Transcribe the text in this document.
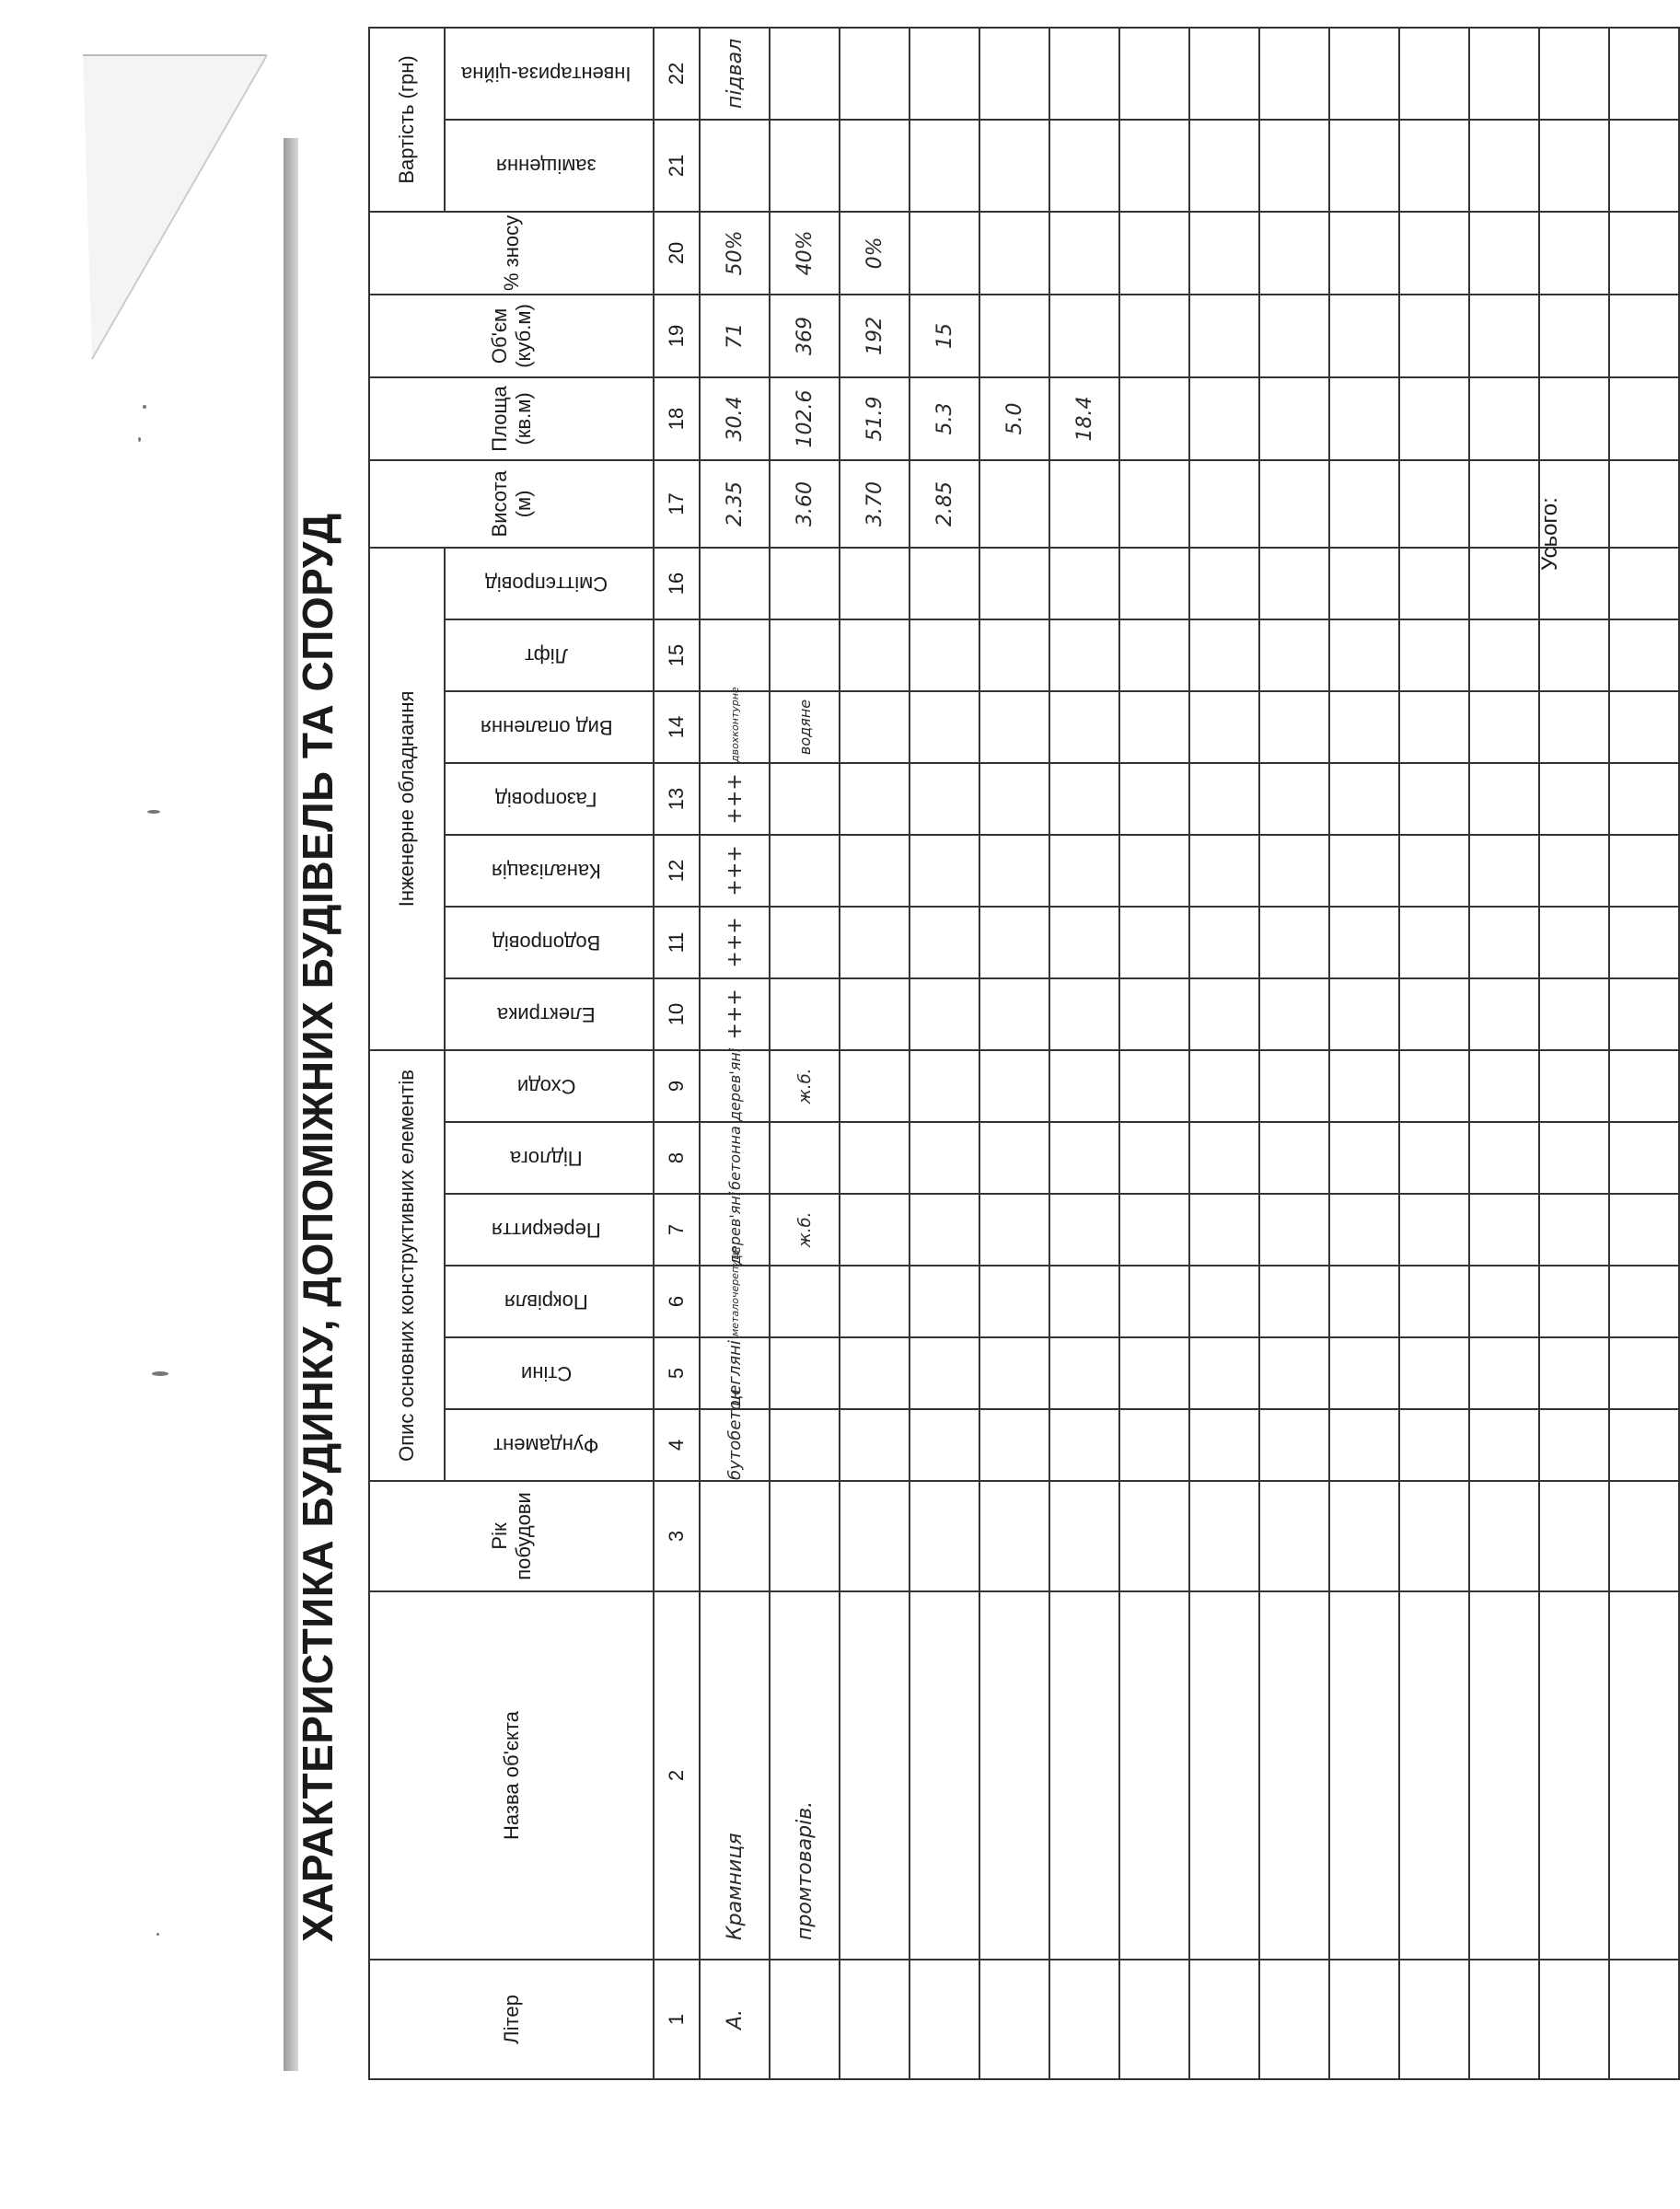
ХАРАКТЕРИСТИКА БУДИНКУ, ДОПОМІЖНИХ БУДІВЕЛЬ ТА СПОРУД
Літер	Назва об'єкта	Рік побудови	Опис основних конструктивних елементів						Інженерне обладнання							Висота (м)	Площа (кв.м)	Об'єм (куб.м)	% зносу	Вартість (грн)	
			Фундамент	Стіни	Покрівля	Перекриття	Підлога	Сходи	Електрика	Водопровід	Каналізація	Газопровід	Вид опалення	Ліфт	Сміттєпровід					заміщення	Інвентариза-ційна
1	2	3	4	5	6	7	8	9	10	11	12	13	14	15	16	17	18	19	20	21	22
А.	Крамниця		бутобетон	цегляні	металочерепиця	дерев'яні	бетонна	дерев'яні	+++	+++	+++	+++	двохконтурне			2.35	30.4	71	50%		підвал
	промтоварів.					ж.б.		ж.б.					водяне			3.60	102.6	369	40%		
																3.70	51.9	192	0%		
																2.85	5.3	15			
																	5.0				
																	18.4				

Усього:
